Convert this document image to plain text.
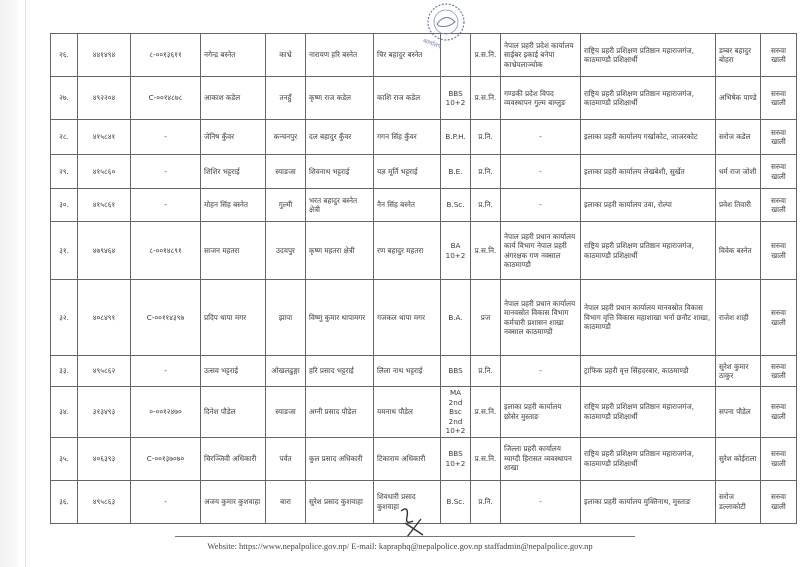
२६.	४४१४९४	८-००१३६११	नगेन्द्र बस्नेत	काभ्रे	नारायण हरि बस्नेत	चिर बहादुर बस्नेत		प्र.स.नि.	नेपाल प्रहरी प्रदेश कार्यालय साईबर इकाई बनेपा काभ्रेपलाञ्चोक	राष्ट्रिय प्रहरी प्रशिक्षण प्रतिष्ठान महाराजगंज, काठमाण्डौ प्रशिक्षार्थी	डम्बर बहादुर बोहरा	सरुवा खाली
२७.	४९२२०४	C-००१४८७८	आकाश कडेल	तनहुँ	कृष्ण राज कडेल	काशि राज कडेल	BBS 10+2	प्र.स.नि.	गण्डकी प्रदेश विपद व्यवस्थापन गुल्म बाग्लुङ	राष्ट्रिय प्रहरी प्रशिक्षण प्रतिष्ठान महाराजगंज, काठमाण्डौ प्रशिक्षार्थी	अभिषेक पाण्डे	सरुवा खाली
२८.	४१५८४१	-	जेनिष कुँवर	कन्चनपुर	दल बहादुर कुँवर	गगन सिंह कुँवर	B.P.H.	प्र.नि.	-	इलाका प्रहरी कार्यालय गर्खाकोट, जाजरकोट	सरोज कडेल	सरुवा खाली
२९.	४१५८६०	-	शिशिर भट्टराई	स्याङजा	शिवनाथ भट्टराई	यज्ञ मूर्ति भट्टराई	B.E.	प्र.नि.	-	इलाका प्रहरी कार्यालय लेखबेशी, सुर्खेत	धर्म राज जोशी	सरुवा खाली
३०.	४१५८६१	-	मोहन सिंह बस्नेत	गुल्मी	भरत बहादुर बस्नेत क्षेत्री	नैन सिंह बस्नेत	B.Sc.	प्र.नि.	-	इलाका प्रहरी कार्यालय उवा, रोल्पा	प्रवेश तिवारी	सरुवा खाली
३१.	४७९४६४	८-००१४८९१	साजन महतरा	उदयपुर	कृष्ण महतरा क्षेत्री	रण बहादुर महतरा	BA 10+2	प्र.स.नि.	नेपाल प्रहरी प्रधान कार्यालय कार्य विभाग नेपाल प्रहरी अंगरक्षक गण नक्साल काठमाण्डौ	राष्ट्रिय प्रहरी प्रशिक्षण प्रतिष्ठान महाराजगंज, काठमाण्डौ प्रशिक्षार्थी	विवेक बस्नेत	सरुवा खाली
३२.	४०८४९१	C-००११४३९७	प्रदिप थापा मगर	झापा	विष्णु कुमार थापामगर	गजकल थापा मगर	B.A.	प्रज	नेपाल प्रहरी प्रधान कार्यालय मानवस्रोत विकास विभाग कर्मचारी प्रशासन शाखा नक्साल काठमाण्डौ	नेपाल प्रहरी प्रधान कार्यालय मानवस्रोत विकास विभाग वृत्ति विकास महाशाखा भर्ना छनौट शाखा, काठमाण्डौ	राजेश शाही	सरुवा खाली
३३.	४९५८६२	-	उत्सव भट्टराई	ओखलढुङ्गा	हरि प्रसाद भट्टराई	लिला नाथ भट्टराई	BBS	प्र.नि.	-	ट्राफिक प्रहरी वृत्त सिंहदरबार, काठमाण्डौ	सुरेश कुमार ठाकुर	सरुवा खाली
३४.	३१३४९३	०-००१२४७०	दिनेश पौडेल	स्याङजा	अग्नी प्रसाद पौडेल	यमनाथ पौडेल	MA 2nd Bsc 2nd 10+2	प्र.स.नि.	इलाका प्रहरी कार्यालय छोसेर मुस्ताङ	राष्ट्रिय प्रहरी प्रशिक्षण प्रतिष्ठान महाराजगंज, काठमाण्डौ प्रशिक्षार्थी	सपना पौडेल	सरुवा खाली
३५.	४०६३९३	C-००१३७०७०	चिरञ्जिवी अधिकारी	पर्वत	कुल प्रसाद अधिकारी	टिकाराम अधिकारी	BBS 10+2	प्र.स.नि.	जिल्ला प्रहरी कार्यालय म्याग्दी हिरासत व्यवस्थापन शाखा	राष्ट्रिय प्रहरी प्रशिक्षण प्रतिष्ठान महाराजगंज, काठमाण्डौ प्रशिक्षार्थी	सुरेश कोईराला	सरुवा खाली
३६.	४९५८६३	-	अजय कुमार कुशवाहा	बारा	सुरेश प्रसाद कुशवाहा	शिवधारी प्रसाद कुशवाहा	B.Sc.	प्र.नि.	-	इलाका प्रहरी कार्यालय मुक्तिनाथ, मुस्ताङ	सरोज डल्लाकोटी	सरुवा खाली
कार्यालय
Website: https://www.nepalpolice.gov.np/ E-mail: kapraphq@nepalpolice.gov.np staffadmin@nepalpolice.gov.np
